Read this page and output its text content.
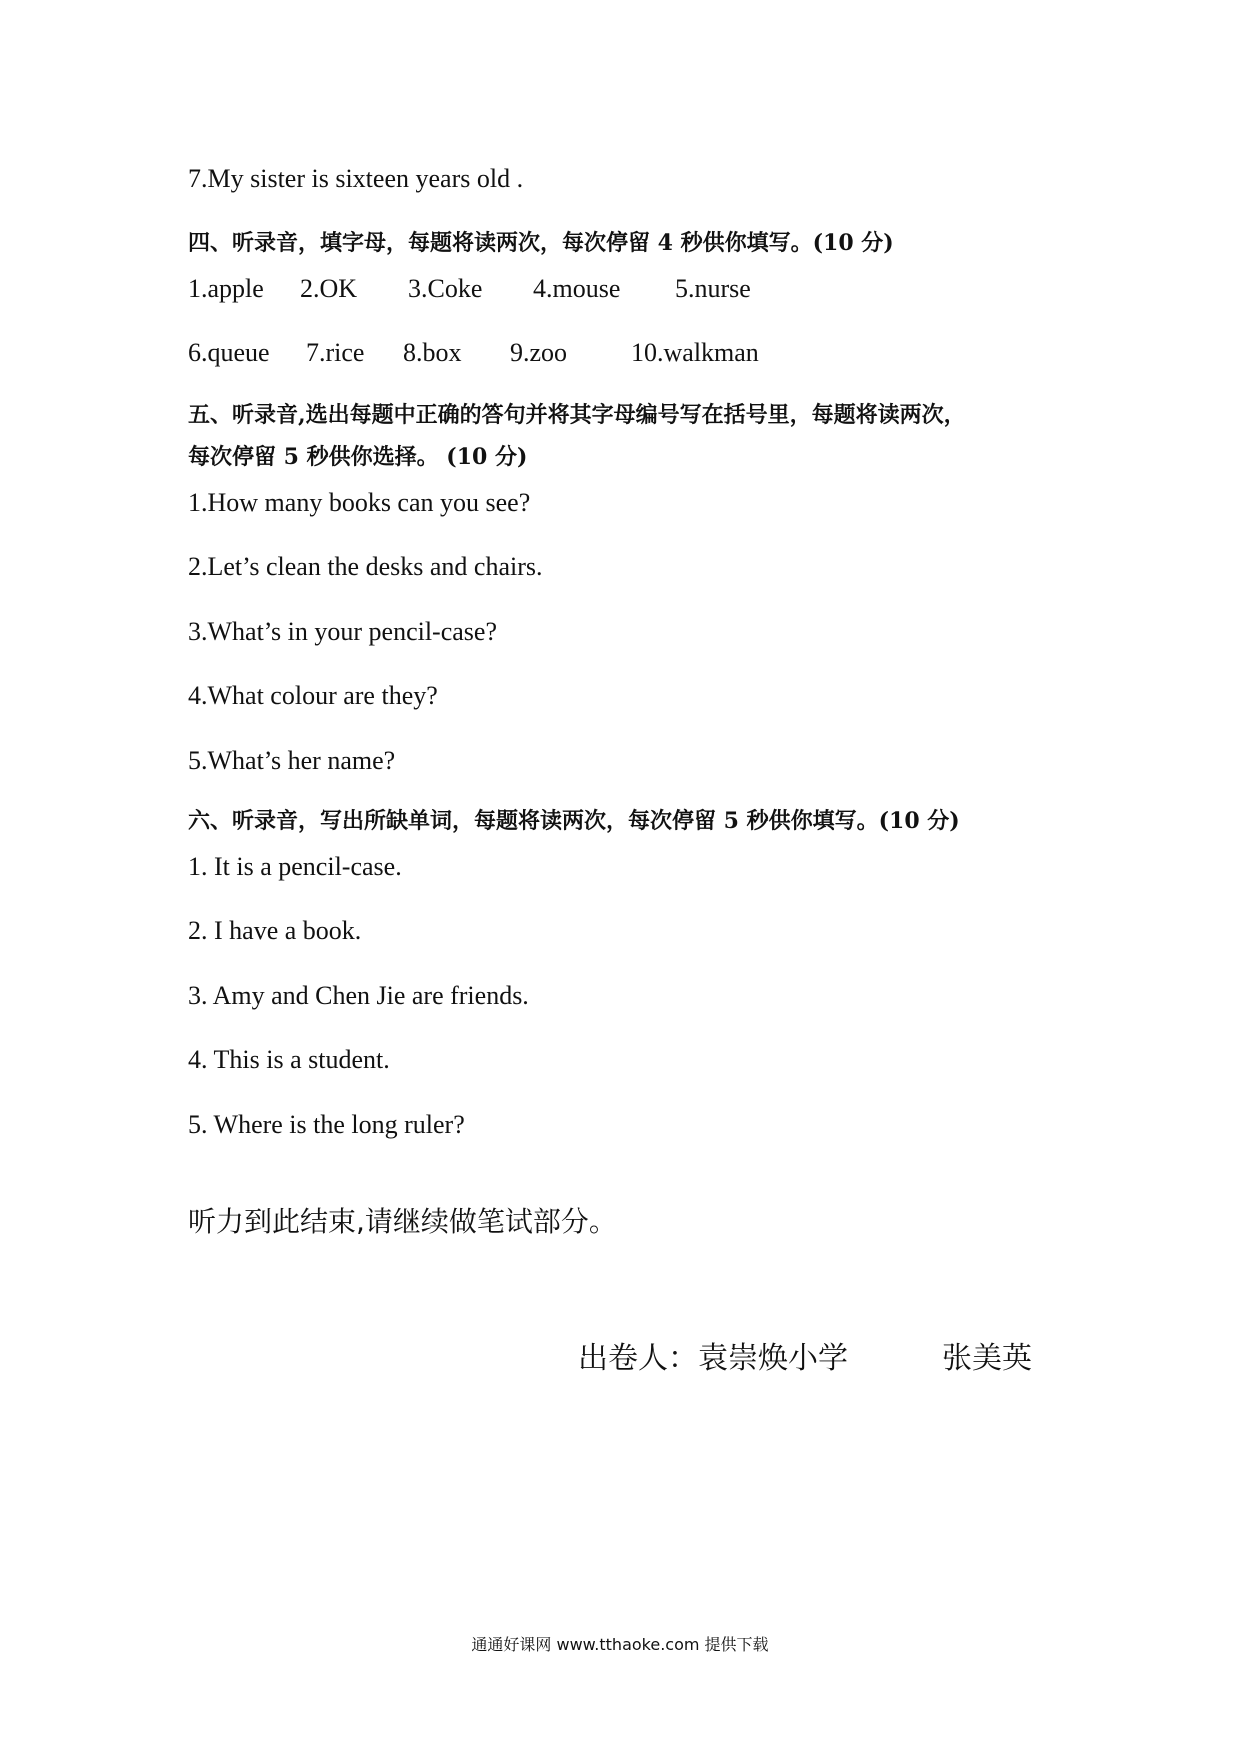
7.My sister is sixteen years old .
四、听录音，填字母，每题将读两次，每次停留 4 秒供你填写。(10 分)
1.apple 2.OK 3.Coke 4.mouse 5.nurse
6.queue 7.rice 8.box 9.zoo 10.walkman
五、听录音,选出每题中正确的答句并将其字母编号写在括号里，每题将读两次，
每次停留 5 秒供你选择。 (10 分)
1.How many books can you see?
2.Let’s clean the desks and chairs.
3.What’s in your pencil-case?
4.What colour are they?
5.What’s her name?
六、听录音，写出所缺单词，每题将读两次，每次停留 5 秒供你填写。(10 分)
1. It is a pencil-case.
2. I have a book.
3. Amy and Chen Jie are friends.
4. This is a student.
5. Where is the long ruler?
听力到此结束,请继续做笔试部分。
出卷人：袁崇焕小学	张美英
通通好课网 www.tthaoke.com 提供下载
